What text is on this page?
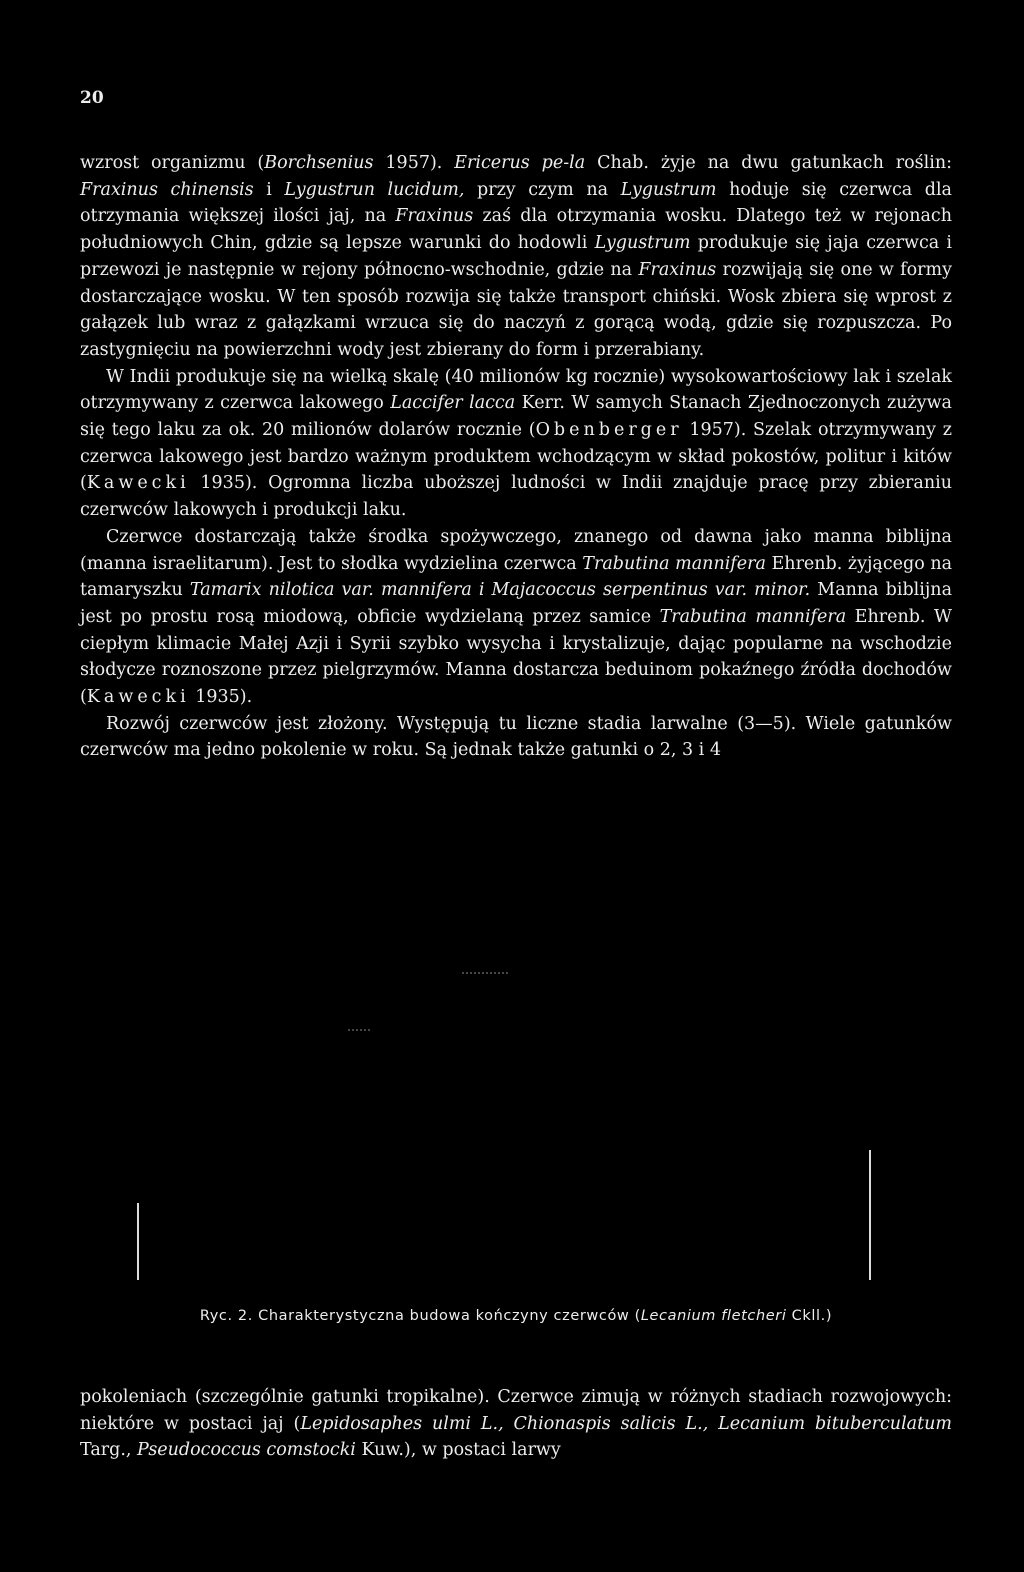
20

wzrost organizmu (Borchsenius 1957). Ericerus pe-la Chab. żyje na dwu gatunkach roślin: Fraxinus chinensis i Lygustrun lucidum, przy czym na Lygustrum hoduje się czerwca dla otrzymania większej ilości jaj, na Fraxinus zaś dla otrzymania wosku. Dlatego też w rejonach południowych Chin, gdzie są lepsze warunki do hodowli Lygustrum produkuje się jaja czerwca i przewozi je następnie w rejony północno-wschodnie, gdzie na Fraxinus rozwijają się one w formy dostarczające wosku. W ten sposób rozwija się także transport chiński. Wosk zbiera się wprost z gałązek lub wraz z gałązkami wrzuca się do naczyń z gorącą wodą, gdzie się rozpuszcza. Po zastygnięciu na powierzchni wody jest zbierany do form i przerabiany.

W Indii produkuje się na wielką skalę (40 milionów kg rocznie) wysokowartościowy lak i szelak otrzymywany z czerwca lakowego Laccifer lacca Kerr. W samych Stanach Zjednoczonych zużywa się tego laku za ok. 20 milionów dolarów rocznie (Obenberger 1957). Szelak otrzymywany z czerwca lakowego jest bardzo ważnym produktem wchodzącym w skład pokostów, politur i kitów (Kawecki 1935). Ogromna liczba uboższej ludności w Indii znajduje pracę przy zbieraniu czerwców lakowych i produkcji laku.

Czerwce dostarczają także środka spożywczego, znanego od dawna jako manna biblijna (manna israelitarum). Jest to słodka wydzielina czerwca Trabutina mannifera Ehrenb. żyjącego na tamaryszku Tamarix nilotica var. mannifera i Majacoccus serpentinus var. minor. Manna biblijna jest po prostu rosą miodową, obficie wydzielaną przez samice Trabutina mannifera Ehrenb. W ciepłym klimacie Małej Azji i Syrii szybko wysycha i krystalizuje, dając popularne na wschodzie słodycze roznoszone przez pielgrzymów. Manna dostarcza beduinom pokaźnego źródła dochodów (Kawecki 1935).

Rozwój czerwców jest złożony. Występują tu liczne stadia larwalne (3—5). Wiele gatunków czerwców ma jedno pokolenie w roku. Są jednak także gatunki o 2, 3 i 4

Ryc. 2. Charakterystyczna budowa kończyny czerwców (Lecanium fletcheri Ckll.)

pokoleniach (szczególnie gatunki tropikalne). Czerwce zimują w różnych stadiach rozwojowych: niektóre w postaci jaj (Lepidosaphes ulmi L., Chionaspis salicis L., Lecanium bituberculatum Targ., Pseudococcus comstocki Kuw.), w postaci larwy
